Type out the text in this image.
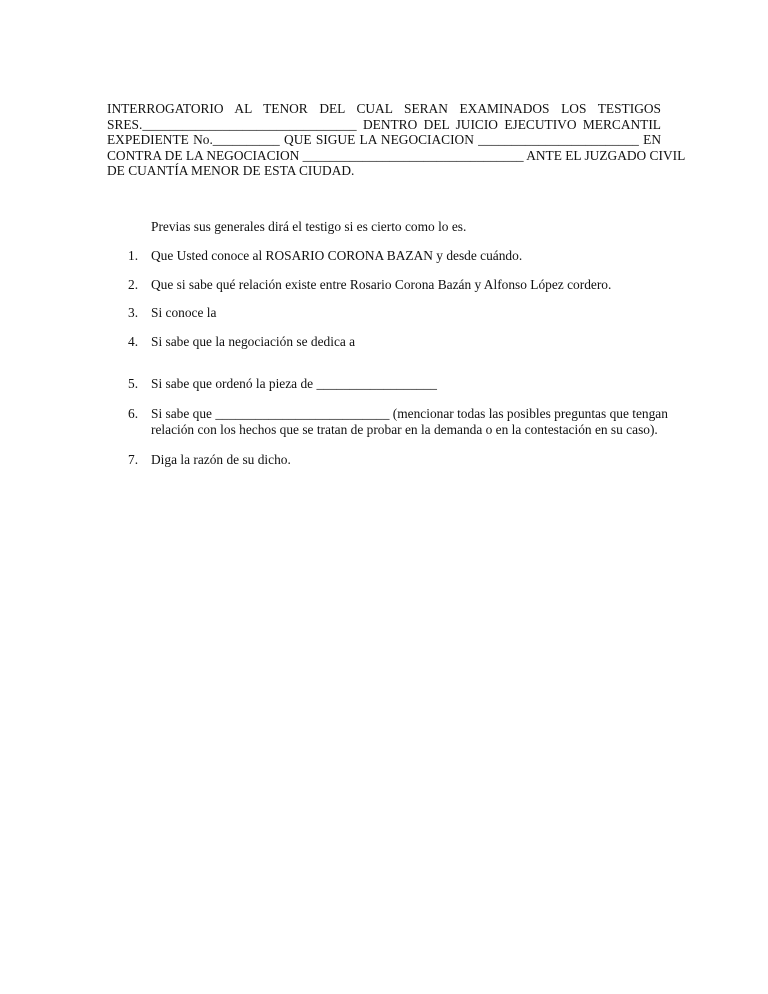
INTERROGATORIO AL TENOR DEL CUAL SERAN EXAMINADOS LOS TESTIGOS
SRES.________________________________ DENTRO DEL JUICIO EJECUTIVO MERCANTIL
EXPEDIENTE No.__________ QUE SIGUE LA NEGOCIACION ________________________ EN
CONTRA DE LA NEGOCIACION _________________________________ ANTE EL JUZGADO CIVIL
DE CUANTÍA MENOR DE ESTA CIUDAD.
Previas sus generales dirá el testigo si es cierto como lo es.
1. Que Usted conoce al ROSARIO CORONA BAZAN y desde cuándo.
2. Que si sabe qué relación existe entre Rosario Corona Bazán y Alfonso López cordero.
3. Si conoce la
4. Si sabe que la negociación se dedica a
5. Si sabe que ordenó la pieza de __________________
6. Si sabe que __________________________ (mencionar todas las posibles preguntas que tengan
relación con los hechos que se tratan de probar en la demanda o en la contestación en su caso).
7. Diga la razón de su dicho.
